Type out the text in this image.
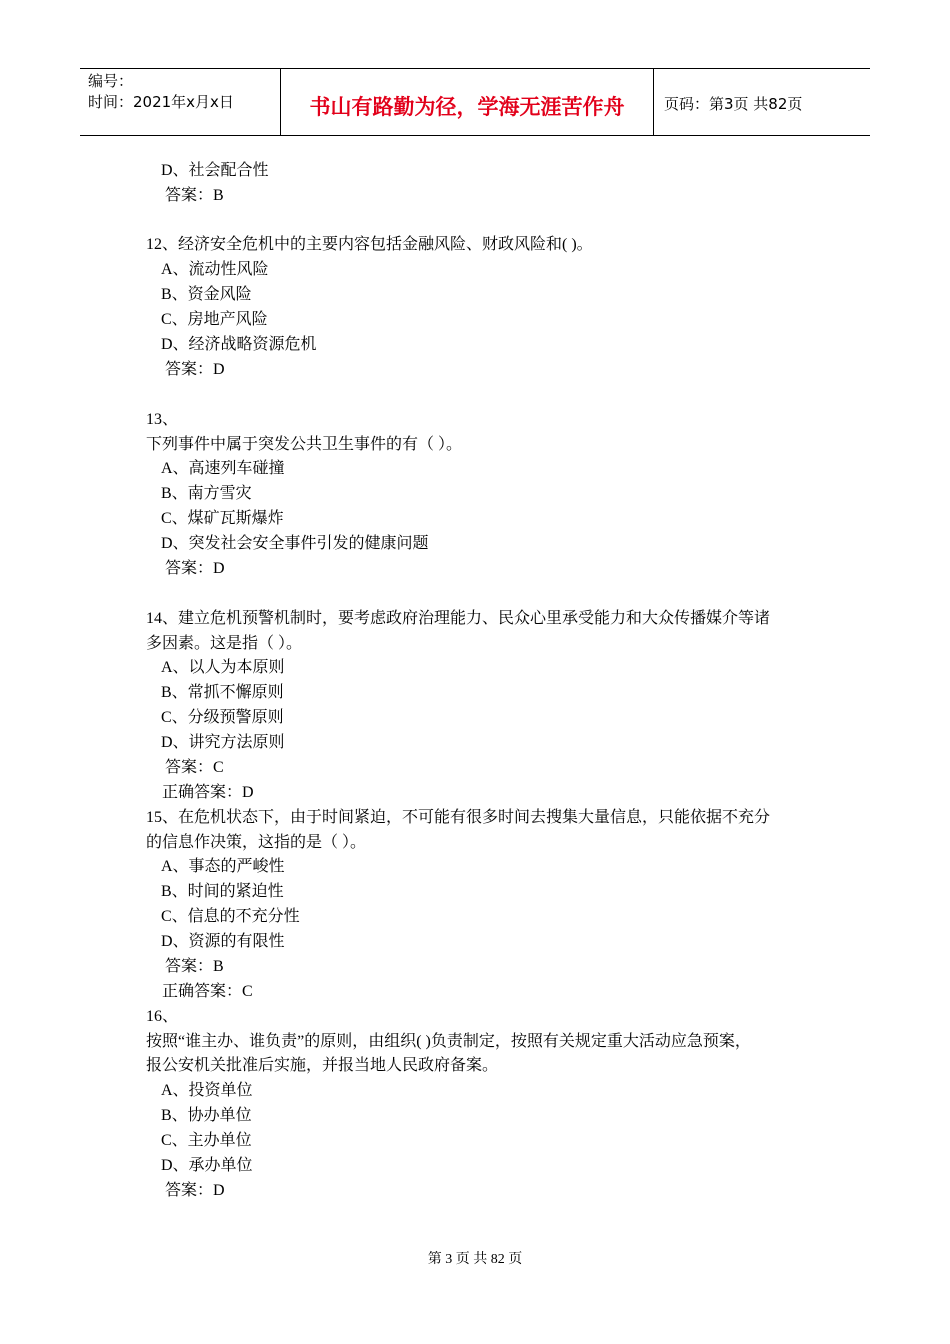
编号：
时间：2021年x月x日	书山有路勤为径，学海无涯苦作舟	页码：第3页 共82页
D、社会配合性
答案：B
12、经济安全危机中的主要内容包括金融风险、财政风险和( )。
A、流动性风险
B、资金风险
C、房地产风险
D、经济战略资源危机
答案：D
13、
下列事件中属于突发公共卫生事件的有（ ）。
A、高速列车碰撞
B、南方雪灾
C、煤矿瓦斯爆炸
D、突发社会安全事件引发的健康问题
答案：D
14、建立危机预警机制时，要考虑政府治理能力、民众心里承受能力和大众传播媒介等诸
多因素。这是指（ ）。
A、以人为本原则
B、常抓不懈原则
C、分级预警原则
D、讲究方法原则
答案：C
正确答案：D
15、在危机状态下，由于时间紧迫，不可能有很多时间去搜集大量信息，只能依据不充分
的信息作决策，这指的是（ ）。
A、事态的严峻性
B、时间的紧迫性
C、信息的不充分性
D、资源的有限性
答案：B
正确答案：C
16、
按照“谁主办、谁负责”的原则，由组织( )负责制定，按照有关规定重大活动应急预案，
报公安机关批准后实施，并报当地人民政府备案。
A、投资单位
B、协办单位
C、主办单位
D、承办单位
答案：D
第 3 页 共 82 页
